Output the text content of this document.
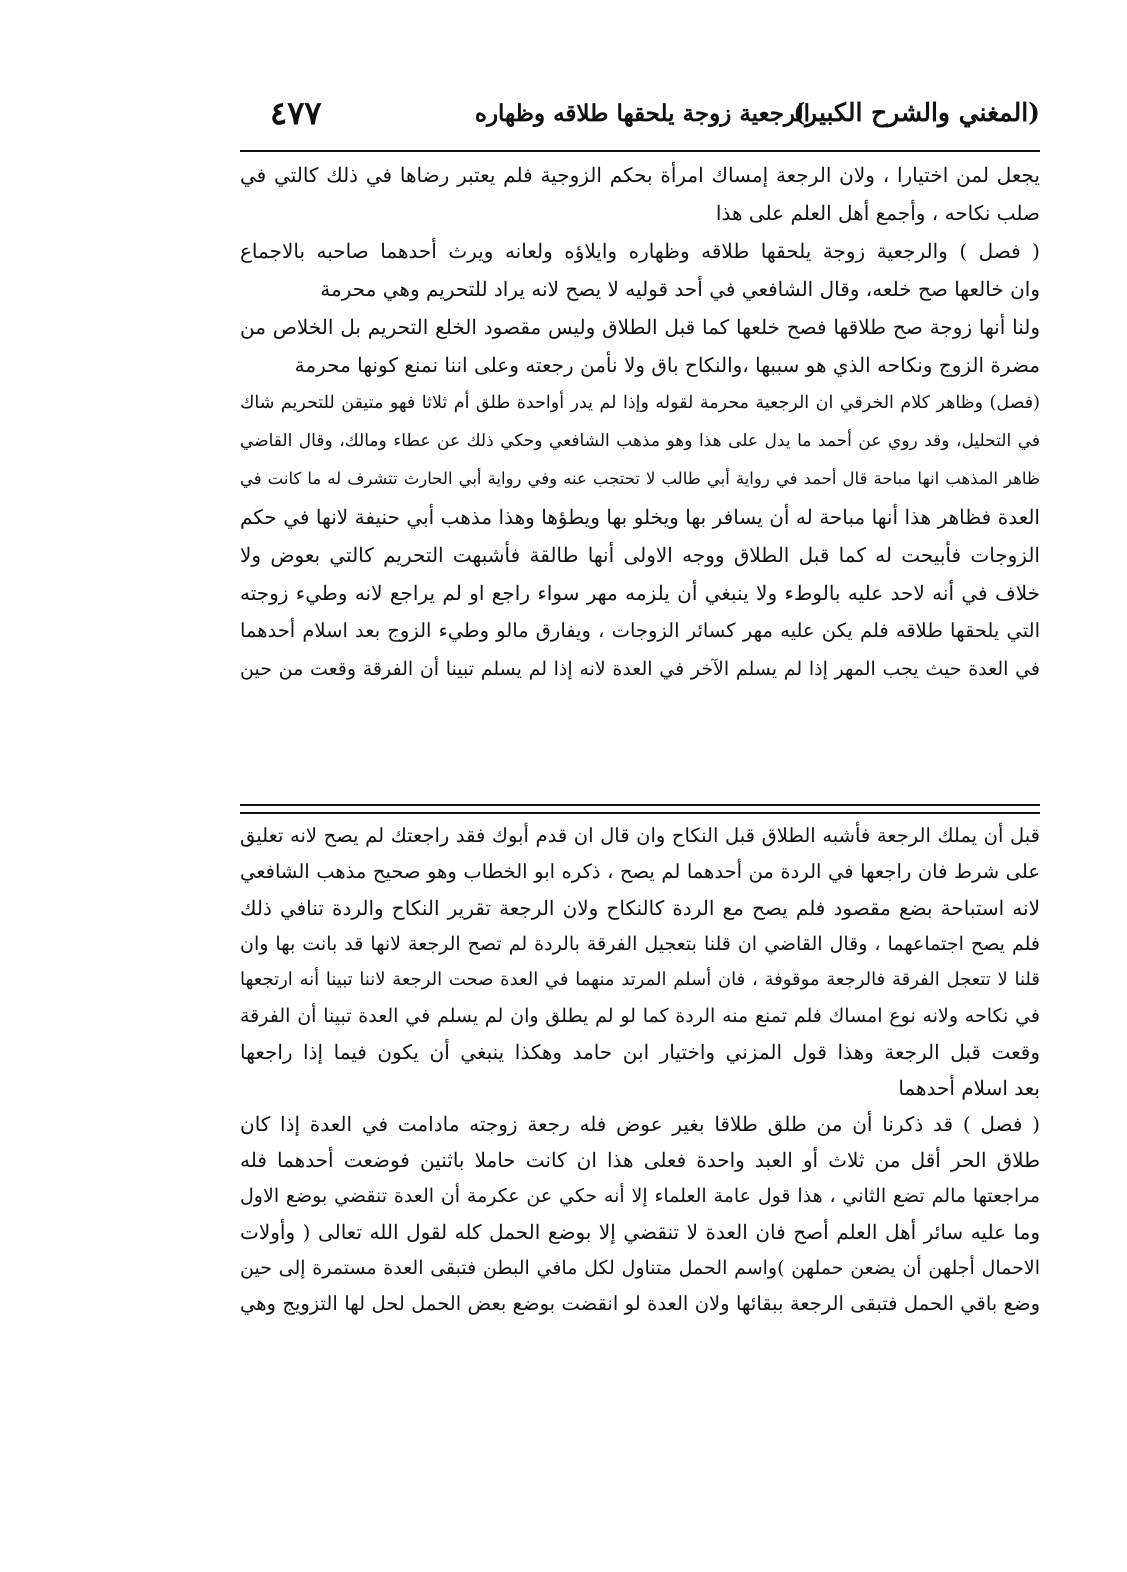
(المغني والشرح الكبير)
الرجعية زوجة يلحقها طلاقه وظهاره
٤٧٧
يجعل لمن اختيارا ، ولان الرجعة إمساك امرأة بحكم الزوجية فلم يعتبر رضاها في ذلك كالتي في
صلب نكاحه ، وأجمع أهل العلم على هذا
( فصل ) والرجعية زوجة يلحقها طلاقه وظهاره وايلاؤه ولعانه ويرث أحدهما صاحبه بالاجماع
وان خالعها صح خلعه، وقال الشافعي في أحد قوليه لا يصح لانه يراد للتحريم وهي محرمة
ولنا أنها زوجة صح طلاقها فصح خلعها كما قبل الطلاق وليس مقصود الخلع التحريم بل الخلاص من
مضرة الزوج ونكاحه الذي هو سببها ،والنكاح باق ولا نأمن رجعته وعلى اننا نمنع كونها محرمة
(فصل) وظاهر كلام الخرقي ان الرجعية محرمة لقوله وإذا لم يدر أواحدة طلق أم ثلاثا فهو متيقن للتحريم شاك
في التحليل، وقد روي عن أحمد ما يدل على هذا وهو مذهب الشافعي وحكي ذلك عن عطاء ومالك، وقال القاضي
ظاهر المذهب انها مباحة قال أحمد في رواية أبي طالب لا تحتجب عنه وفي رواية أبي الحارث تتشرف له ما كانت في
العدة فظاهر هذا أنها مباحة له أن يسافر بها ويخلو بها ويطؤها وهذا مذهب أبي حنيفة لانها في حكم
الزوجات فأبيحت له كما قبل الطلاق ووجه الاولى أنها طالقة فأشبهت التحريم كالتي بعوض ولا
خلاف في أنه لاحد عليه بالوطء ولا ينبغي أن يلزمه مهر سواء راجع او لم يراجع لانه وطيء زوجته
التي يلحقها طلاقه فلم يكن عليه مهر كسائر الزوجات ، ويفارق مالو وطيء الزوج بعد اسلام أحدهما
في العدة حيث يجب المهر إذا لم يسلم الآخر في العدة لانه إذا لم يسلم تبينا أن الفرقة وقعت من حين
قبل أن يملك الرجعة فأشبه الطلاق قبل النكاح وان قال ان قدم أبوك فقد راجعتك لم يصح لانه تعليق
على شرط فان راجعها في الردة من أحدهما لم يصح ، ذكره ابو الخطاب وهو صحيح مذهب الشافعي
لانه استباحة بضع مقصود فلم يصح مع الردة كالنكاح ولان الرجعة تقرير النكاح والردة تنافي ذلك
فلم يصح اجتماعهما ، وقال القاضي ان قلنا بتعجيل الفرقة بالردة لم تصح الرجعة لانها قد بانت بها وان
قلنا لا تتعجل الفرقة فالرجعة موقوفة ، فان أسلم المرتد منهما في العدة صحت الرجعة لاننا تبينا أنه ارتجعها
في نكاحه ولانه نوع امساك فلم تمنع منه الردة كما لو لم يطلق وان لم يسلم في العدة تبينا أن الفرقة
وقعت قبل الرجعة وهذا قول المزني واختيار ابن حامد وهكذا ينبغي أن يكون فيما إذا راجعها
بعد اسلام أحدهما
( فصل ) قد ذكرنا أن من طلق طلاقا بغير عوض فله رجعة زوجته مادامت في العدة إذا كان
طلاق الحر أقل من ثلاث أو العبد واحدة فعلى هذا ان كانت حاملا باثنين فوضعت أحدهما فله
مراجعتها مالم تضع الثاني ، هذا قول عامة العلماء إلا أنه حكي عن عكرمة أن العدة تنقضي بوضع الاول
وما عليه سائر أهل العلم أصح فان العدة لا تنقضي إلا بوضع الحمل كله لقول الله تعالى ( وأولات
الاحمال أجلهن أن يضعن حملهن )واسم الحمل متناول لكل مافي البطن فتبقى العدة مستمرة إلى حين
وضع باقي الحمل فتبقى الرجعة ببقائها ولان العدة لو انقضت بوضع بعض الحمل لحل لها التزويج وهي
